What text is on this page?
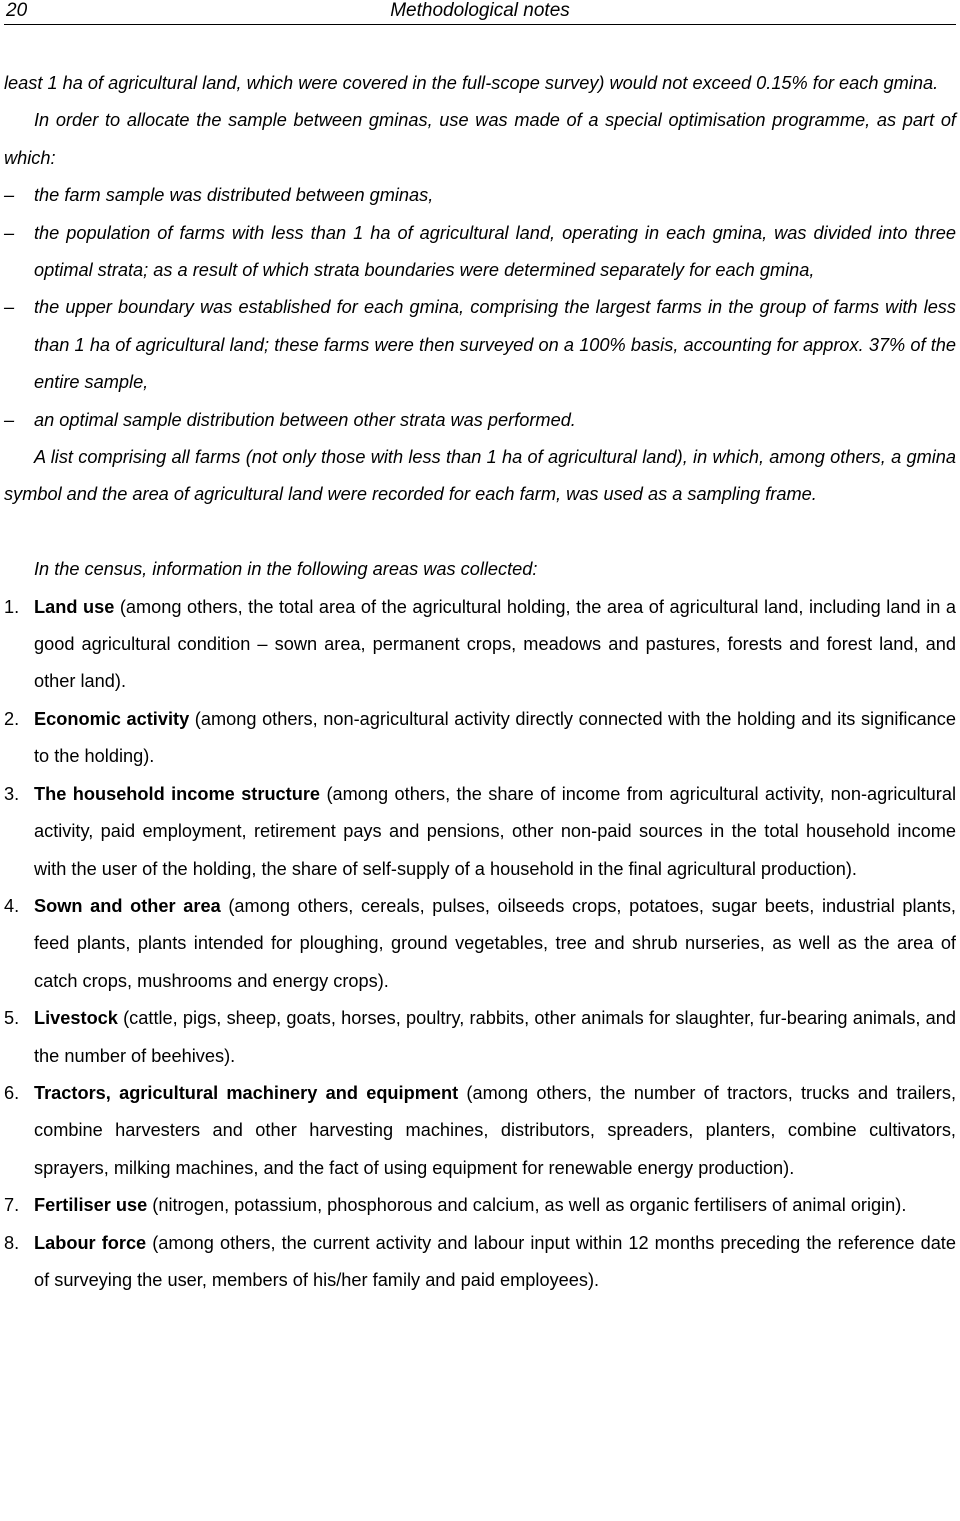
20	Methodological notes

least 1 ha of agricultural land, which were covered in the full-scope survey) would not exceed 0.15% for each gmina.

In order to allocate the sample between gminas, use was made of a special optimisation programme, as part of which:

–	the farm sample was distributed between gminas,
–	the population of farms with less than 1 ha of agricultural land, operating in each gmina, was divided into three optimal strata; as a result of which strata boundaries were determined separately for each gmina,
–	the upper boundary was established for each gmina, comprising the largest farms in the group of farms with less than 1 ha of agricultural land; these farms were then surveyed on a 100% basis, accounting for approx. 37% of the entire sample,
–	an optimal sample distribution between other strata was performed.

A list comprising all farms (not only those with less than 1 ha of agricultural land), in which, among others, a gmina symbol and the area of agricultural land were recorded for each farm, was used as a sampling frame.

In the census, information in the following areas was collected:

1. Land use (among others, the total area of the agricultural holding, the area of agricultural land, including land in a good agricultural condition – sown area, permanent crops, meadows and pastures, forests and forest land, and other land).
2. Economic activity (among others, non-agricultural activity directly connected with the holding and its significance to the holding).
3. The household income structure (among others, the share of income from agricultural activity, non-agricultural activity, paid employment, retirement pays and pensions, other non-paid sources in the total household income with the user of the holding, the share of self-supply of a household in the final agricultural production).
4. Sown and other area (among others, cereals, pulses, oilseeds crops, potatoes, sugar beets, industrial plants, feed plants, plants intended for ploughing, ground vegetables, tree and shrub nurseries, as well as the area of catch crops, mushrooms and energy crops).
5. Livestock (cattle, pigs, sheep, goats, horses, poultry, rabbits, other animals for slaughter, fur-bearing animals, and the number of beehives).
6. Tractors, agricultural machinery and equipment (among others, the number of tractors, trucks and trailers, combine harvesters and other harvesting machines, distributors, spreaders, planters, combine cultivators, sprayers, milking machines, and the fact of using equipment for renewable energy production).
7. Fertiliser use (nitrogen, potassium, phosphorous and calcium, as well as organic fertilisers of animal origin).
8. Labour force (among others, the current activity and labour input within 12 months preceding the reference date of surveying the user, members of his/her family and paid employees).
